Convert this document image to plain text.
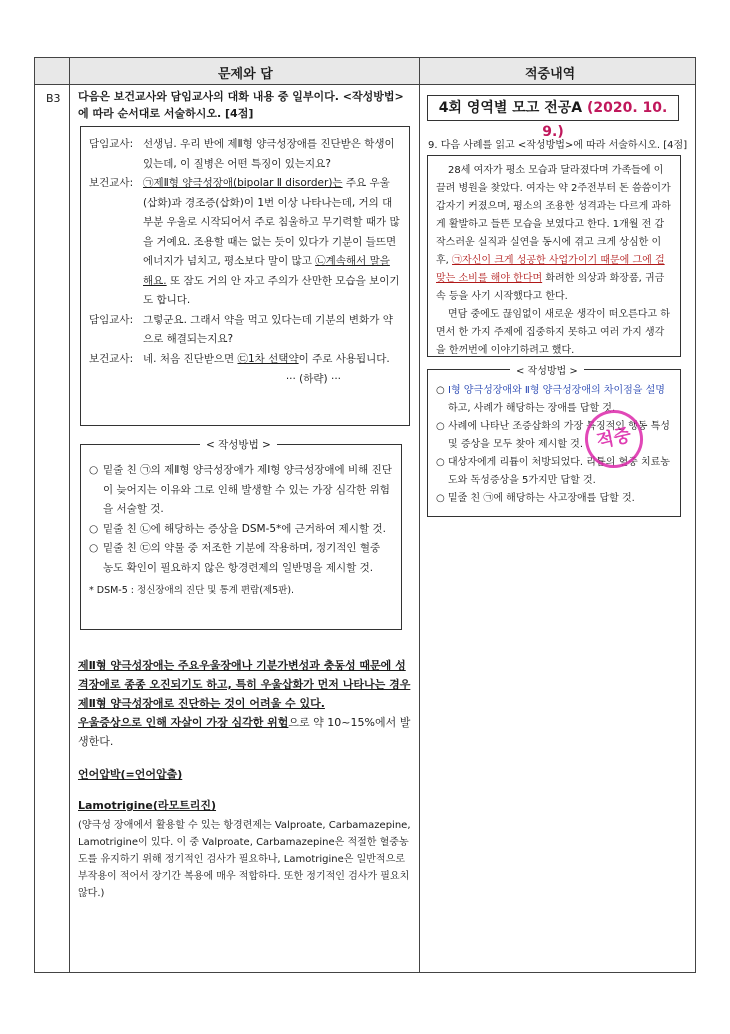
문제와 답	적중내역
B3 다음은 보건교사와 담임교사의 대화 내용 중 일부이다. <작성방법>에 따라 순서대로 서술하시오. [4점]

담임교사: 선생님. 우리 반에 제Ⅱ형 양극성장애를 진단받은 학생이 있는데, 이 질병은 어떤 특징이 있는지요?

보건교사: ㉠제Ⅱ형 양극성장애(bipolar Ⅱ disorder)는 주요 우울(삽화)과 경조증(삽화)이 1번 이상 나타나는데, 거의 대부분 우울로 시작되어서 주로 침울하고 무기력할 때가 많을 거예요. 조용할 때는 없는 듯이 있다가 기분이 들뜨면 에너지가 넘치고, 평소보다 말이 많고 ㉡계속해서 말을 해요. 또 잠도 거의 안 자고 주의가 산만한 모습을 보이기도 합니다.

담임교사: 그렇군요. 그래서 약을 먹고 있다는데 기분의 변화가 약으로 해결되는지요?

보건교사: 네. 처음 진단받으면 ㉢1차 선택약이 주로 사용됩니다.

··· (하략) ···

○ 밑줄 친 ㉠의 제Ⅱ형 양극성장애가 제Ⅰ형 양극성장애에 비해 진단이 늦어지는 이유와 그로 인해 발생할 수 있는 가장 심각한 위험을 서술할 것.

○ 밑줄 친 ㉡에 해당하는 증상을 DSM-5*에 근거하여 제시할 것.

○ 밑줄 친 ㉢의 약물 중 저조한 기분에 작용하며, 정기적인 혈중 농도 확인이 필요하지 않은 항경련제의 일반명을 제시할 것.

* DSM-5 : 정신장애의 진단 및 통계 편람(제5판).
< 작성방법 >
제Ⅱ형 양극성장애는 주요우울장애나 기분가변성과 충동성 때문에 성격장애로 종종 오진되기도 하고, 특히 우울삽화가 먼저 나타나는 경우 제Ⅱ형 양극성장애로 진단하는 것이 어려울 수 있다.
우울증상으로 인해 자살이 가장 심각한 위험으로 약 10~15%에서 발생한다.
언어압박(=언어압출)
Lamotrigine(라모트리진)
(양극성 장애에서 활용할 수 있는 항경련제는 Valproate, Carbamazepine, Lamotrigine이 있다. 이 중 Valproate, Carbamazepine은 적절한 혈중농도를 유지하기 위해 정기적인 검사가 필요하나, Lamotrigine은 일반적으로 부작용이 적어서 장기간 복용에 매우 적합하다. 또한 정기적인 검사가 필요치 않다.)
4회 영역별 모고 전공A (2020. 10. 9.)
9. 다음 사례를 읽고 <작성방법>에 따라 서술하시오. [4점]

28세 여자가 평소 모습과 달라졌다며 가족들에 이끌려 병원을 찾았다. 여자는 약 2주전부터 돈 씀씀이가 갑자기 커졌으며, 평소의 조용한 성격과는 다르게 과하게 활발하고 들뜬 모습을 보였다고 한다. 1개월 전 갑작스러운 실직과 실연을 동시에 겪고 크게 상심한 이후, ㉠자신이 크게 성공한 사업가이기 때문에 그에 걸 맞는 소비를 해야 한다며 화려한 의상과 화장품, 귀금속 등을 사기 시작했다고 한다.

면담 중에도 끊임없이 새로운 생각이 떠오른다고 하면서 한 가지 주제에 집중하지 못하고 여러 가지 생각을 한꺼번에 이야기하려고 했다.

○ Ⅰ형 양극성장애와 Ⅱ형 양극성장애의 차이점을 설명하고, 사례가 해당하는 장애를 답할 것.
○ 사례에 나타난 조증삽화의 가장 특징적인 행동 특성 및 증상을 모두 찾아 제시할 것.
○ 대상자에게 리튬이 처방되었다. 리튬의 혈중 치료농도와 독성증상을 5가지만 답할 것.
○ 밑줄 친 ㉠에 해당하는 사고장애를 답할 것.
< 작성방법 >
적중
